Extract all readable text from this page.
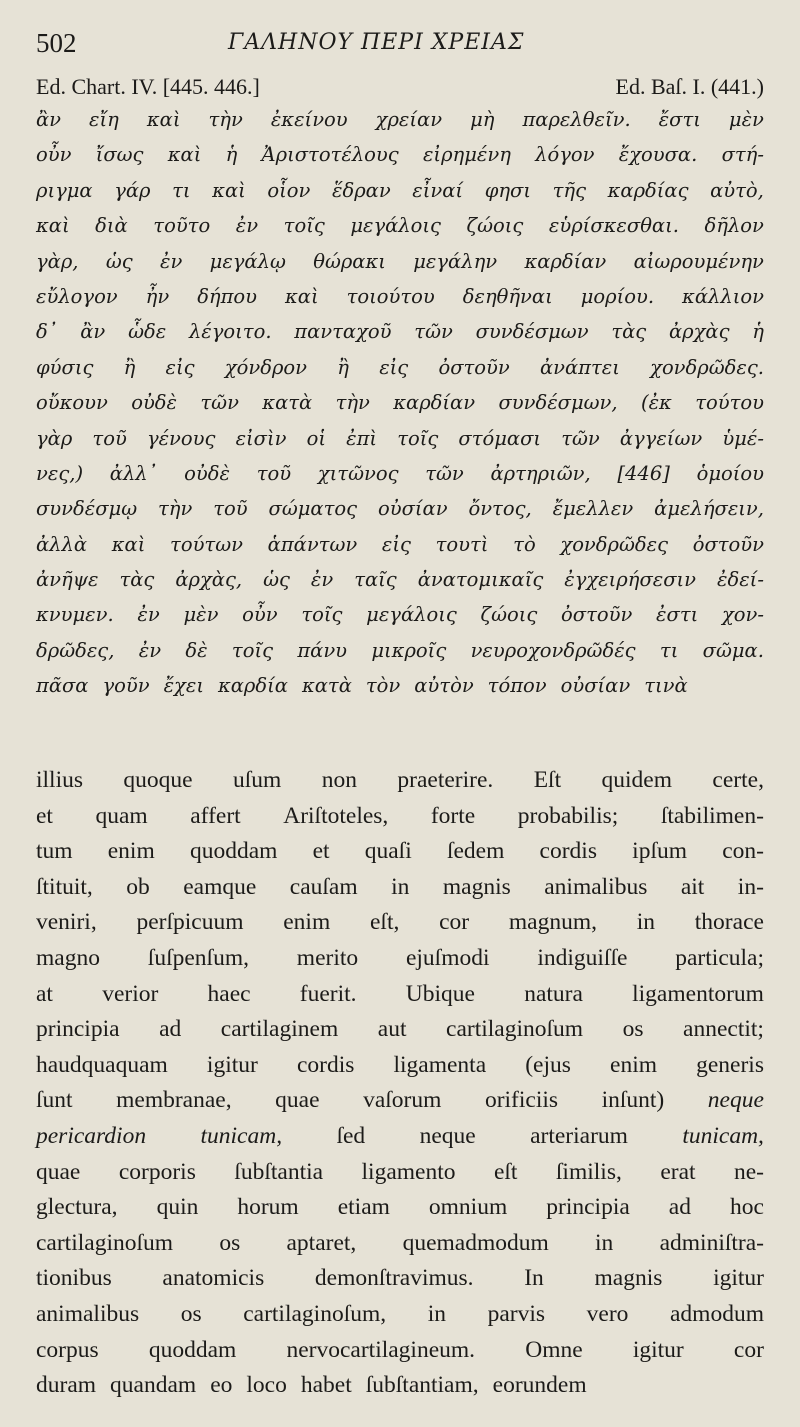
502	ΓΑΛΗΝΟΥ ΠΕΡΙ ΧΡΕΙΑΣ
Ed. Chart. IV. [445. 446.]	Ed. Baſ. I. (441.)
ἂν εἴη καὶ τὴν ἐκείνου χρείαν μὴ παρελθεῖν. ἔστι μὲν
οὖν ἴσως καὶ ἡ Ἀριστοτέλους εἰρημένη λόγον ἔχουσα. στή-
ριγμα γάρ τι καὶ οἷον ἕδραν εἶναί φησι τῆς καρδίας αὐτὸ,
καὶ διὰ τοῦτο ἐν τοῖς μεγάλοις ζώοις εὑρίσκεσθαι. δῆλον
γὰρ, ὡς ἐν μεγάλῳ θώρακι μεγάλην καρδίαν αἰωρουμένην
εὔλογον ἦν δήπου καὶ τοιούτου δεηθῆναι μορίου. κάλλιον
δ᾽ ἂν ὧδε λέγοιτο. πανταχοῦ τῶν συνδέσμων τὰς ἀρχὰς ἡ
φύσις ἢ εἰς χόνδρον ἢ εἰς ὀστοῦν ἀνάπτει χονδρῶδες.
οὔκουν οὐδὲ τῶν κατὰ τὴν καρδίαν συνδέσμων, (ἐκ τούτου
γὰρ τοῦ γένους εἰσὶν οἱ ἐπὶ τοῖς στόμασι τῶν ἀγγείων ὑμέ-
νες,) ἀλλ᾽ οὐδὲ τοῦ χιτῶνος τῶν ἀρτηριῶν, [446] ὁμοίου
συνδέσμῳ τὴν τοῦ σώματος οὐσίαν ὄντος, ἔμελλεν ἀμελήσειν,
ἀλλὰ καὶ τούτων ἁπάντων εἰς τουτὶ τὸ χονδρῶδες ὀστοῦν
ἀνῆψε τὰς ἀρχὰς, ὡς ἐν ταῖς ἀνατομικαῖς ἐγχειρήσεσιν ἐδεί-
κνυμεν. ἐν μὲν οὖν τοῖς μεγάλοις ζώοις ὀστοῦν ἐστι χον-
δρῶδες, ἐν δὲ τοῖς πάνυ μικροῖς νευροχονδρῶδές τι σῶμα.
πᾶσα γοῦν ἔχει καρδία κατὰ τὸν αὐτὸν τόπον οὐσίαν τινὰ
illius quoque uſum non praeterire. Eſt quidem certe,
et quam affert Ariſtoteles, forte probabilis; ſtabilimen-
tum enim quoddam et quaſi ſedem cordis ipſum con-
ſtituit, ob eamque cauſam in magnis animalibus ait in-
veniri, perſpicuum enim eſt, cor magnum, in thorace
magno ſuſpenſum, merito ejuſmodi indiguiſſe particula;
at verior haec fuerit. Ubique natura ligamentorum
principia ad cartilaginem aut cartilaginoſum os annectit;
haudquaquam igitur cordis ligamenta (ejus enim generis
ſunt membranae, quae vaſorum orificiis inſunt) neque
pericardion tunicam, ſed neque arteriarum tunicam,
quae corporis ſubſtantia ligamento eſt ſimilis, erat ne-
glectura, quin horum etiam omnium principia ad hoc
cartilaginoſum os aptaret, quemadmodum in adminiſtra-
tionibus anatomicis demonſtravimus. In magnis igitur
animalibus os cartilaginoſum, in parvis vero admodum
corpus quoddam nervocartilagineum. Omne igitur cor
duram quandam eo loco habet ſubſtantiam, eorundem
